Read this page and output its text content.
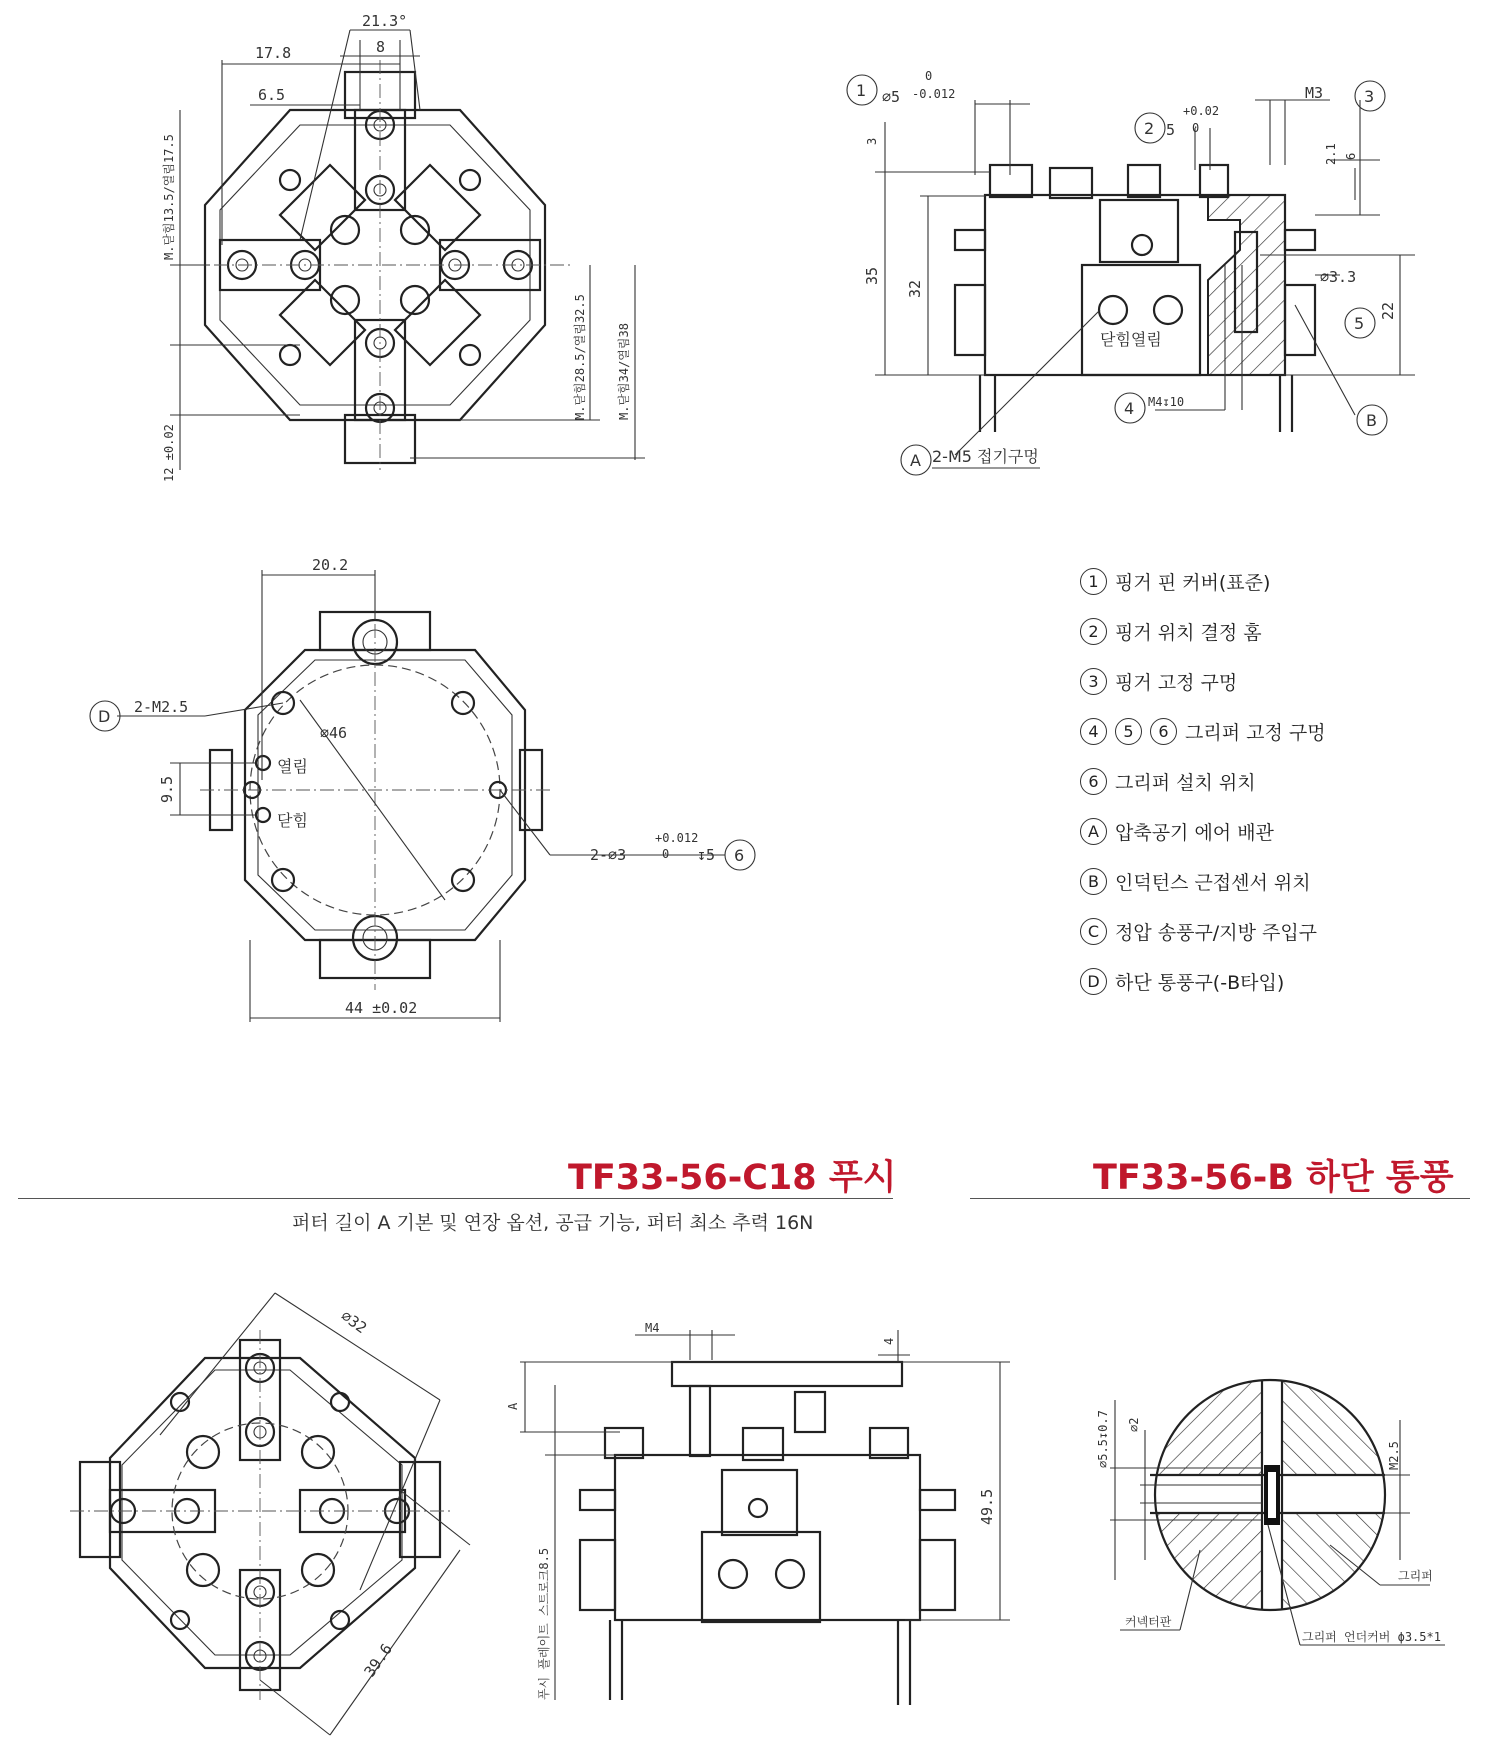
21.3°
17.8	8
6.5
M.닫힘13.5/열림17.5
M.닫힘28.5/열림32.5	M.닫힘34/열림38
12 ±0.02
⌀5
0
-0.012
5
+0.02
0
M3
3
2.1 6
35
32
⌀3.3
22
닫힘열림
M4↧10
2-M5 접기구멍
20.2
2-M2.5
⌀46
열림
닫힘
9.5
2-⌀3
+0.012
0 ↧5
44 ±0.02
⌀32
39.6
M4
4
A
푸시 플레이트 스트로크8.5
49.5
⌀5.5↧0.7 ⌀2
M2.5
그리퍼
커넥터판
그리퍼 언더커버 ϕ3.5*1
1
2
3
4
5
6
A
B
D
1 핑거 핀 커버(표준)
2 핑거 위치 결정 홈
3 핑거 고정 구멍
4	5	6 그리퍼 고정 구멍
6 그리퍼 설치 위치
A 압축공기 에어 배관
B 인덕턴스 근접센서 위치
C 정압 송풍구/지방 주입구
D 하단 통풍구(-B타입)
TF33-56-C18 푸시
퍼터 길이 A 기본 및 연장 옵션, 공급 기능, 퍼터 최소 추력 16N
TF33-56-B 하단 통풍
